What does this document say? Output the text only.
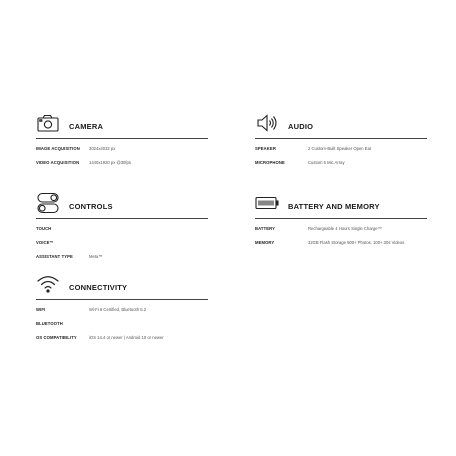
CAMERA
IMAGE ACQUISITION 3024x4032 px
VIDEO ACQUISITION 1440x1920 px @30fps
AUDIO
SPEAKER	2 Custom-Built Speaker Open Ear
MICROPHONE	Custom 5 Mic Array
CONTROLS
TOUCH
VOICE™
ASSISTANT TYPE	Meta™
BATTERY AND MEMORY
BATTERY	Rechargeable 4 Hours Single Charge™
MEMORY	32GB Flash Storage 500+ Photos, 100+ 30s Videos
CONNECTIVITY
WIFI	Wi-Fi 6 Certified, Bluetooth 5.2
BLUETOOTH
OS COMPATIBILITY	iOS 14.4 or newer | Android 10 or newer
